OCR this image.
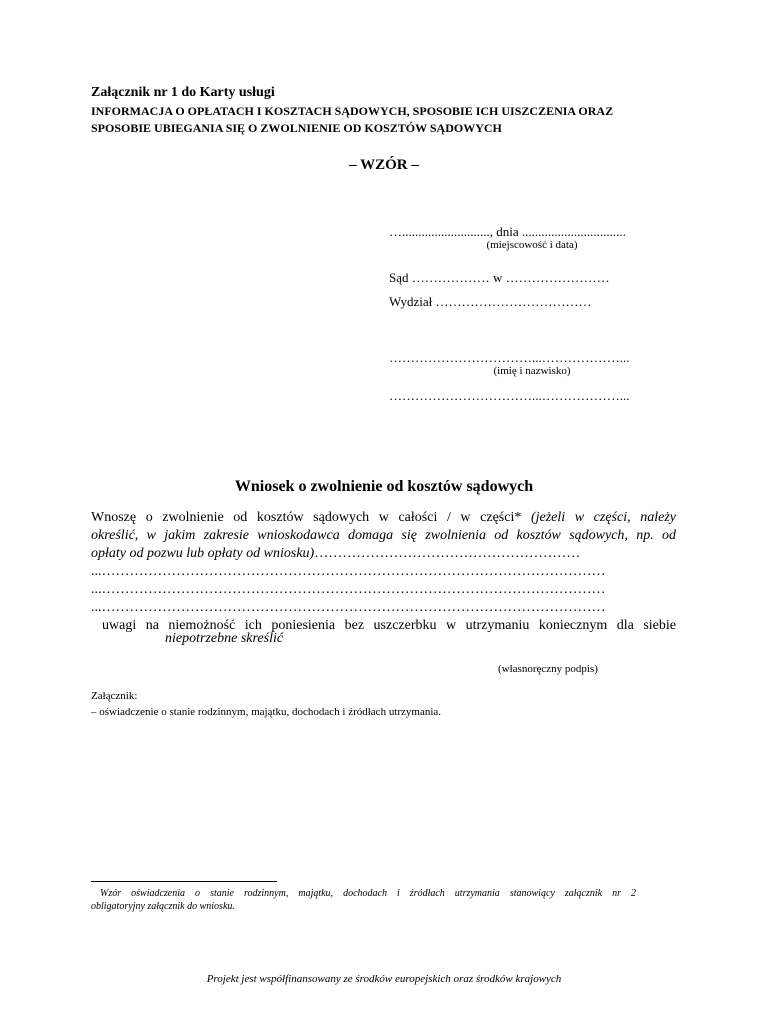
Załącznik nr 1 do Karty usługi
INFORMACJA O OPŁATACH I KOSZTACH SĄDOWYCH, SPOSOBIE ICH UISZCZENIA ORAZ
SPOSOBIE UBIEGANIA SIĘ O ZWOLNIENIE OD KOSZTÓW SĄDOWYCH
– WZÓR –
…..........................., dnia ................................
(miejscowość i data)
Sąd ……………… w ……………………
Wydział ………………………………
……………………………...………………...
(imię i nazwisko)
……………………………...………………...
Wniosek o zwolnienie od kosztów sądowych
Wnoszę o zwolnienie od kosztów sądowych w całości / w części* (jeżeli w części, należy
określić, w jakim zakresie wnioskodawca domaga się zwolnienia od kosztów sądowych, np. od
opłaty od pozwu lub opłaty od wniosku)…………………………………………………
...………………………………………………………………………………………………
...………………………………………………………………………………………………
...………………………………………………………………………………………………
uwagi na niemożność ich poniesienia bez uszczerbku w utrzymaniu koniecznym dla siebie
niepotrzebne skreślić
(własnoręczny podpis)
Załącznik:
– oświadczenie o stanie rodzinnym, majątku, dochodach i źródłach utrzymania.
Wzór oświadczenia o stanie rodzinnym, majątku, dochodach i źródłach utrzymania stanowiący załącznik nr 2
obligatoryjny załącznik do wniosku.
Projekt jest współfinansowany ze środków europejskich oraz środków krajowych
